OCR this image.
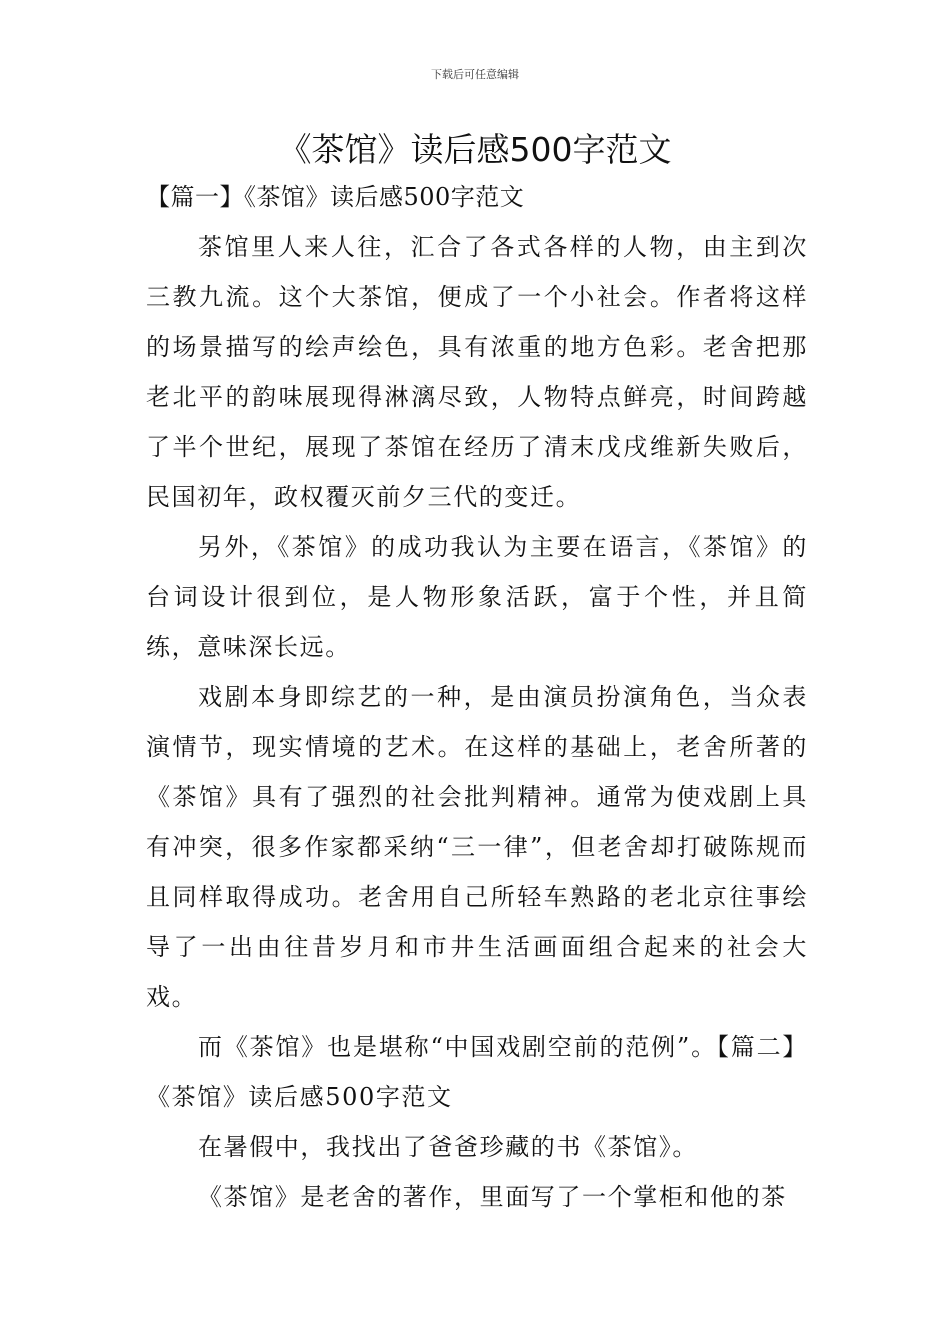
下载后可任意编辑
《茶馆》读后感500字范文

【篇一】《茶馆》读后感500字范文

茶馆里人来人往，汇合了各式各样的人物，由主到次三教九流。这个大茶馆，便成了一个小社会。作者将这样的场景描写的绘声绘色，具有浓重的地方色彩。老舍把那老北平的韵味展现得淋漓尽致，人物特点鲜亮，时间跨越了半个世纪，展现了茶馆在经历了清末戊戌维新失败后，民国初年，政权覆灭前夕三代的变迁。

另外，《茶馆》的成功我认为主要在语言，《茶馆》的台词设计很到位，是人物形象活跃，富于个性，并且简练，意味深长远。

戏剧本身即综艺的一种，是由演员扮演角色，当众表演情节，现实情境的艺术。在这样的基础上，老舍所著的《茶馆》具有了强烈的社会批判精神。通常为使戏剧上具有冲突，很多作家都采纳“三一律”，但老舍却打破陈规而且同样取得成功。老舍用自己所轻车熟路的老北京往事绘导了一出由往昔岁月和市井生活画面组合起来的社会大戏。

而《茶馆》也是堪称“中国戏剧空前的范例”。【篇二】《茶馆》读后感500字范文

在暑假中，我找出了爸爸珍藏的书《茶馆》。

《茶馆》是老舍的著作，里面写了一个掌柜和他的茶
